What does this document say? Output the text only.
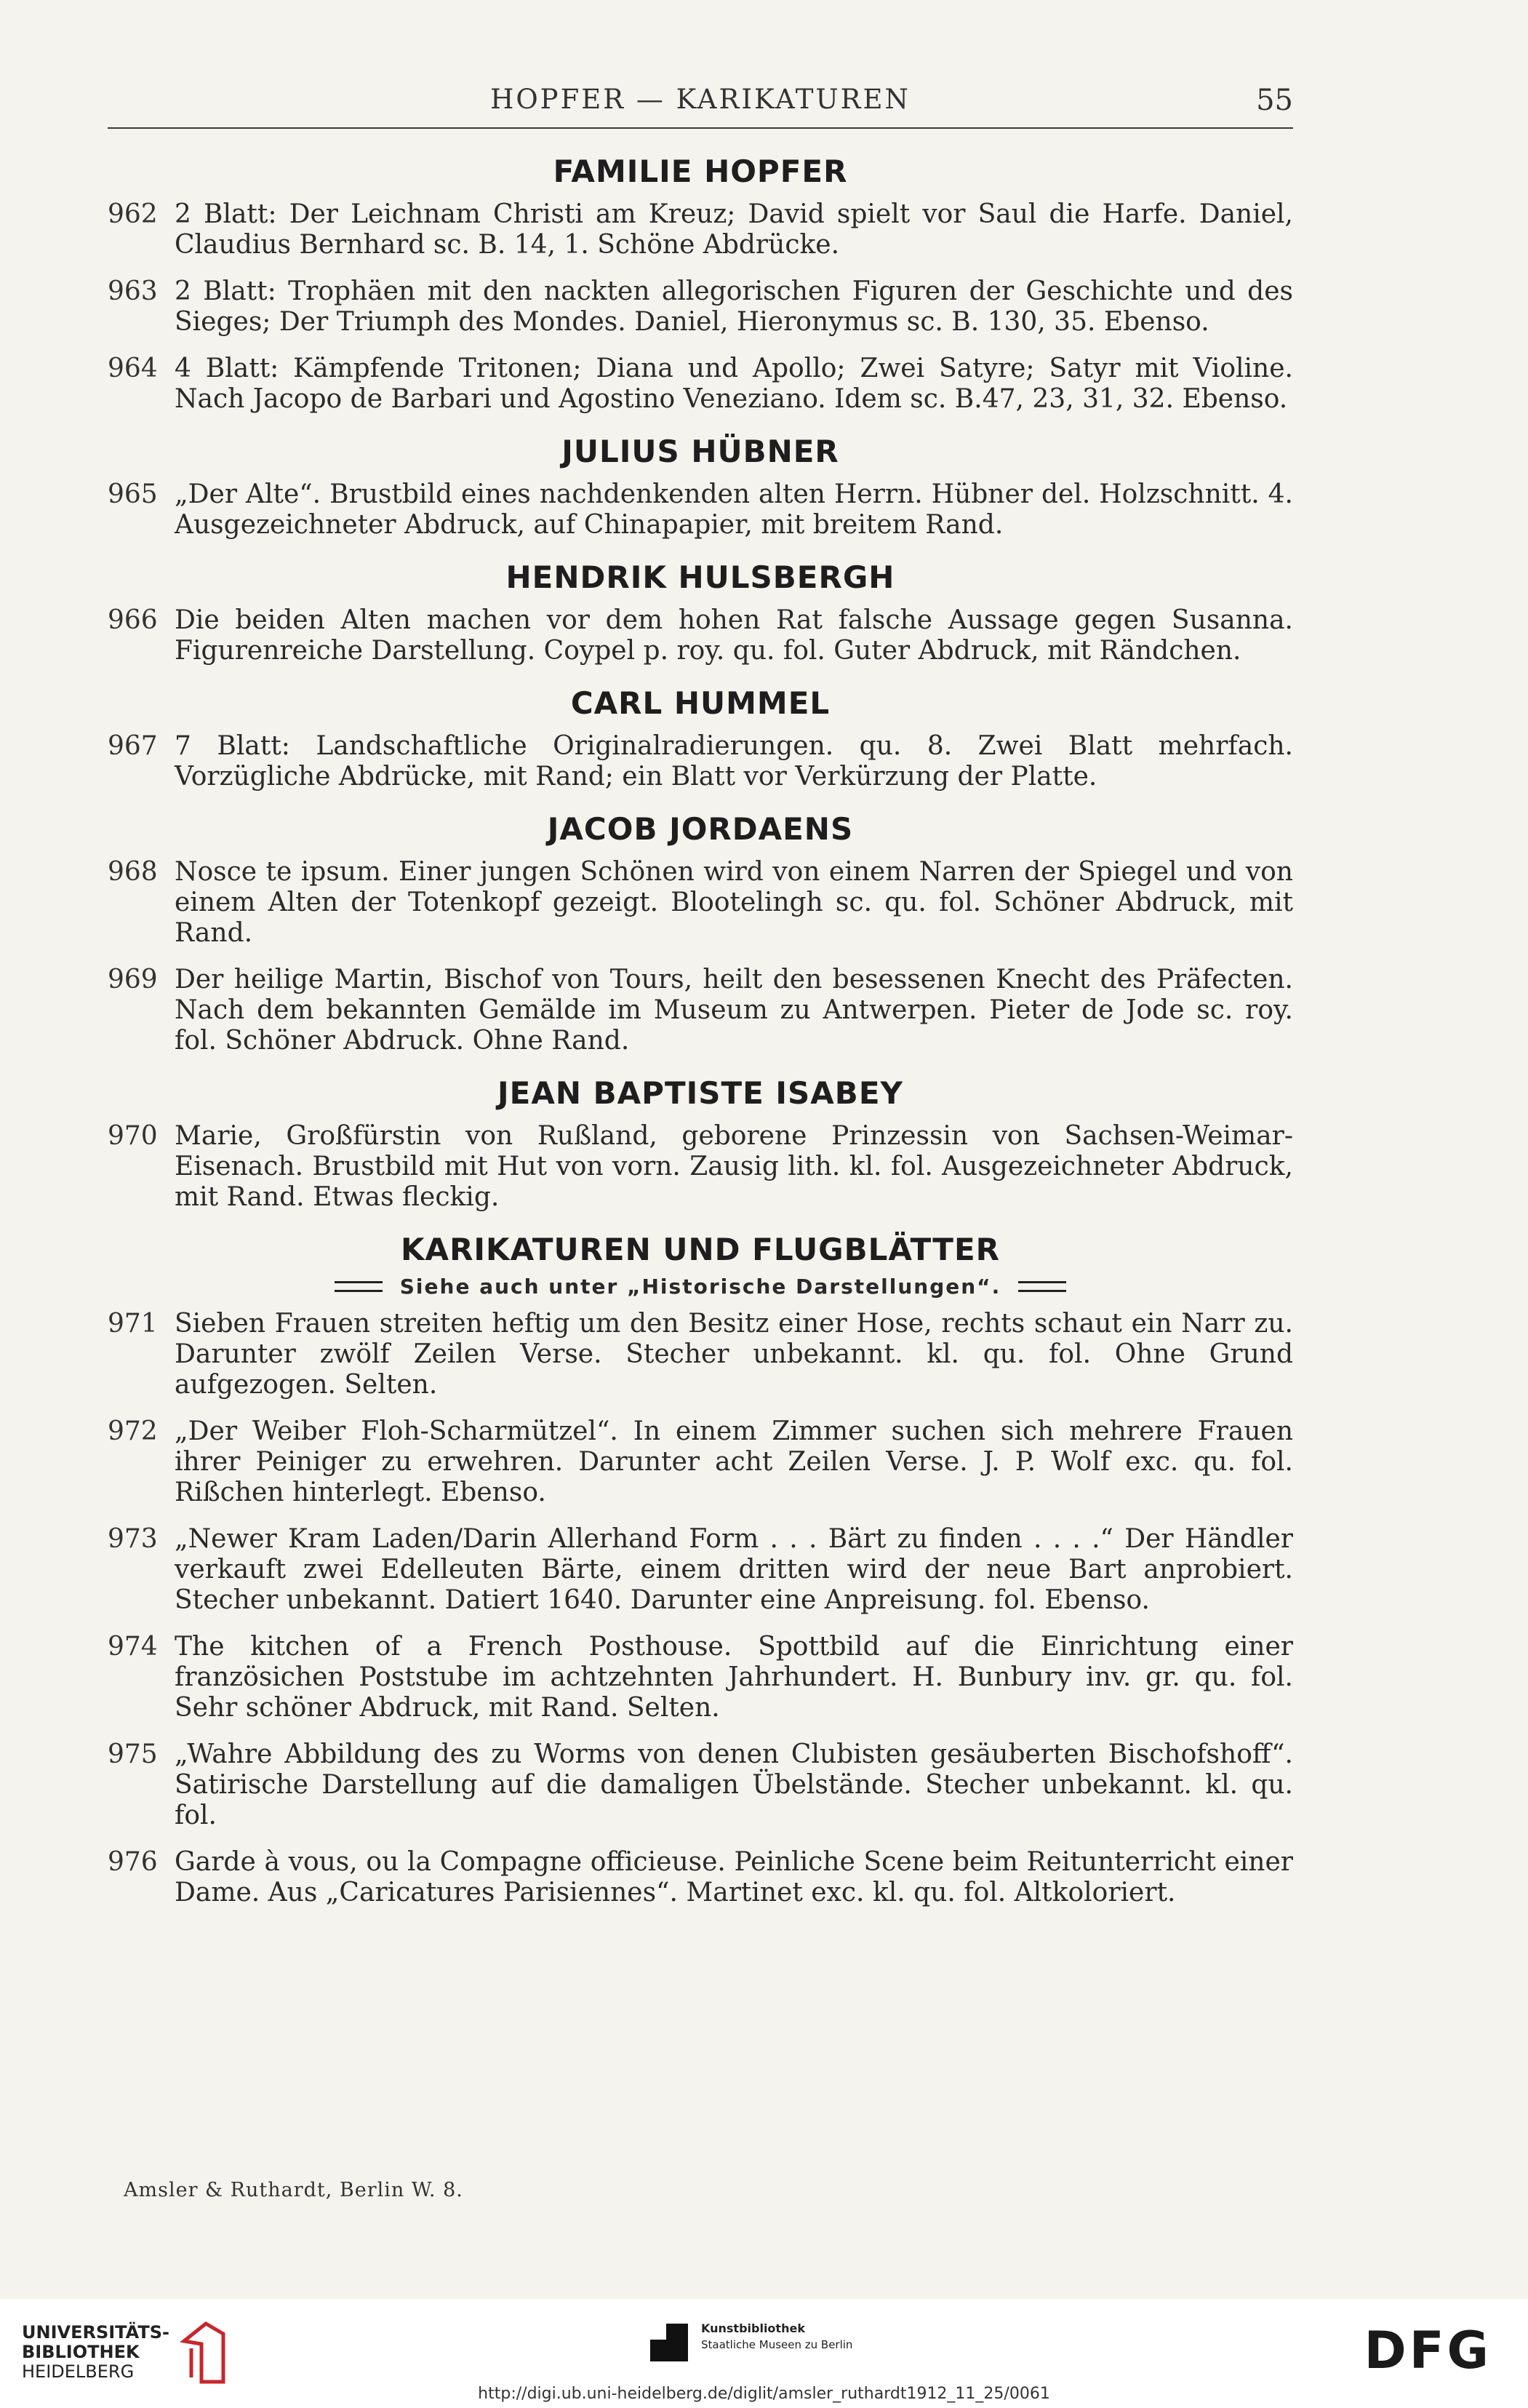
HOPFER — KARIKATUREN	55
FAMILIE HOPFER
962 2 Blatt: Der Leichnam Christi am Kreuz; David spielt vor Saul die Harfe. Daniel, Claudius Bernhard sc. B. 14, 1. Schöne Abdrücke.
963 2 Blatt: Trophäen mit den nackten allegorischen Figuren der Geschichte und des Sieges; Der Triumph des Mondes. Daniel, Hieronymus sc. B. 130, 35. Ebenso.
964 4 Blatt: Kämpfende Tritonen; Diana und Apollo; Zwei Satyre; Satyr mit Violine. Nach Jacopo de Barbari und Agostino Veneziano. Idem sc. B.47, 23, 31, 32. Ebenso.
JULIUS HÜBNER
965 „Der Alte“. Brustbild eines nachdenkenden alten Herrn. Hübner del. Holzschnitt. 4. Ausgezeichneter Abdruck, auf Chinapapier, mit breitem Rand.
HENDRIK HULSBERGH
966 Die beiden Alten machen vor dem hohen Rat falsche Aussage gegen Susanna. Figurenreiche Darstellung. Coypel p. roy. qu. fol. Guter Abdruck, mit Rändchen.
CARL HUMMEL
967 7 Blatt: Landschaftliche Originalradierungen. qu. 8. Zwei Blatt mehrfach. Vorzügliche Abdrücke, mit Rand; ein Blatt vor Verkürzung der Platte.
JACOB JORDAENS
968 Nosce te ipsum. Einer jungen Schönen wird von einem Narren der Spiegel und von einem Alten der Totenkopf gezeigt. Blootelingh sc. qu. fol. Schöner Abdruck, mit Rand.
969 Der heilige Martin, Bischof von Tours, heilt den besessenen Knecht des Präfecten. Nach dem bekannten Gemälde im Museum zu Antwerpen. Pieter de Jode sc. roy. fol. Schöner Abdruck. Ohne Rand.
JEAN BAPTISTE ISABEY
970 Marie, Großfürstin von Rußland, geborene Prinzessin von Sachsen-Weimar-Eisenach. Brustbild mit Hut von vorn. Zausig lith. kl. fol. Ausgezeichneter Abdruck, mit Rand. Etwas fleckig.
KARIKATUREN UND FLUGBLÄTTER
Siehe auch unter „Historische Darstellungen“.
971 Sieben Frauen streiten heftig um den Besitz einer Hose, rechts schaut ein Narr zu. Darunter zwölf Zeilen Verse. Stecher unbekannt. kl. qu. fol. Ohne Grund aufgezogen. Selten.
972 „Der Weiber Floh-Scharmützel“. In einem Zimmer suchen sich mehrere Frauen ihrer Peiniger zu erwehren. Darunter acht Zeilen Verse. J. P. Wolf exc. qu. fol. Rißchen hinterlegt. Ebenso.
973 „Newer Kram Laden/Darin Allerhand Form . . . Bärt zu finden . . . .“ Der Händler verkauft zwei Edelleuten Bärte, einem dritten wird der neue Bart anprobiert. Stecher unbekannt. Datiert 1640. Darunter eine Anpreisung. fol. Ebenso.
974 The kitchen of a French Posthouse. Spottbild auf die Einrichtung einer französichen Poststube im achtzehnten Jahrhundert. H. Bunbury inv. gr. qu. fol. Sehr schöner Abdruck, mit Rand. Selten.
975 „Wahre Abbildung des zu Worms von denen Clubisten gesäuberten Bischofshoff“. Satirische Darstellung auf die damaligen Übelstände. Stecher unbekannt. kl. qu. fol.
976 Garde à vous, ou la Compagne officieuse. Peinliche Scene beim Reitunterricht einer Dame. Aus „Caricatures Parisiennes“. Martinet exc. kl. qu. fol. Altkoloriert.
Amsler & Ruthardt, Berlin W. 8.
UNIVERSITÄTS-
BIBLIOTHEK
HEIDELBERG
Kunstbibliothek
Staatliche Museen zu Berlin	DFG
http://digi.ub.uni-heidelberg.de/diglit/amsler_ruthardt1912_11_25/0061
